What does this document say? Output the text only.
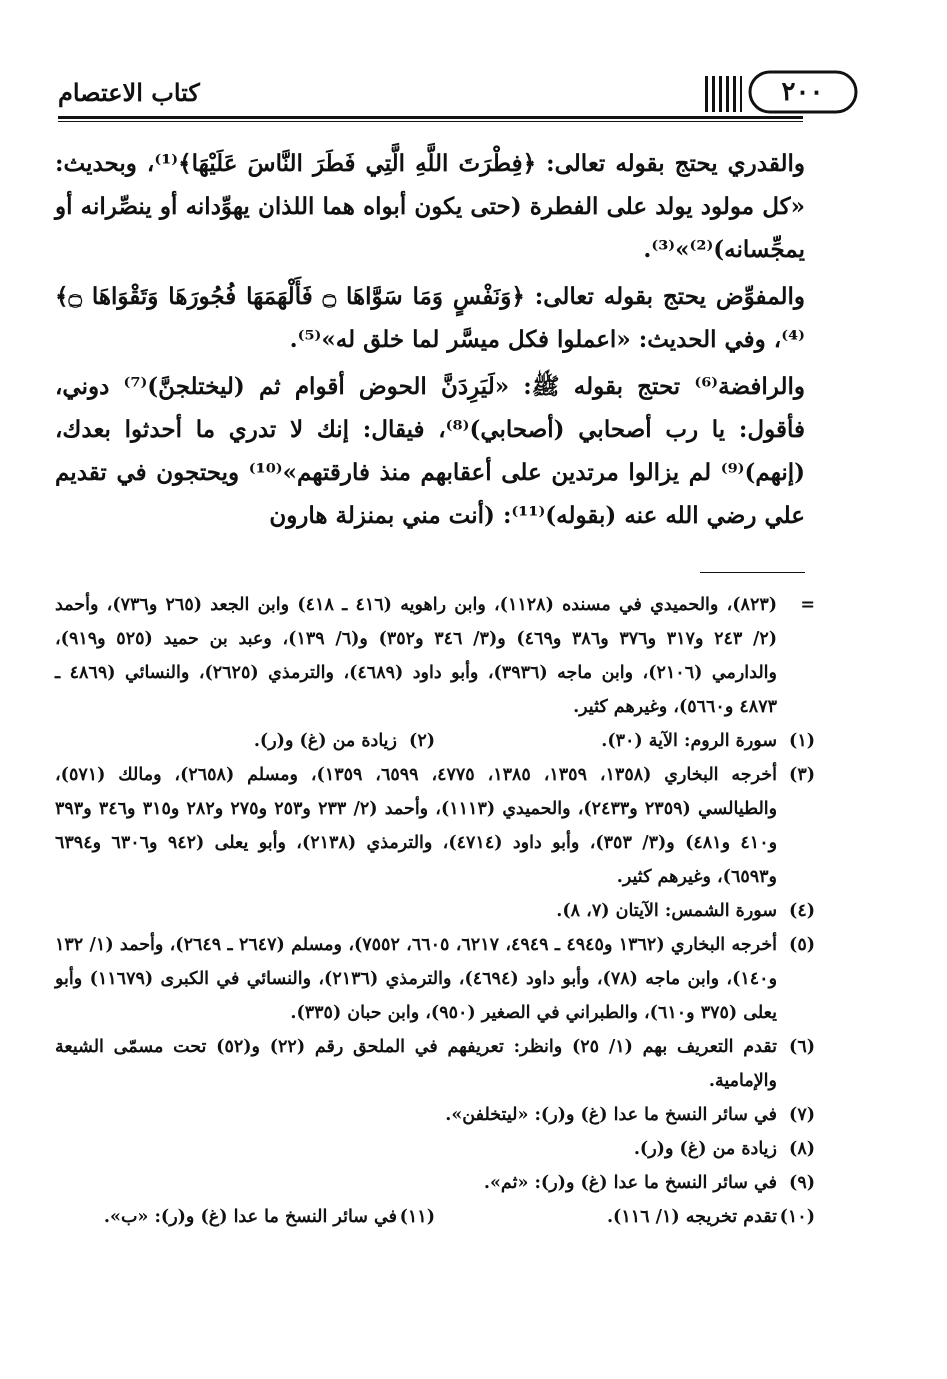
كتاب الاعتصام	٢٠٠

والقدري يحتج بقوله تعالى: ﴿فِطْرَتَ اللَّهِ الَّتِي فَطَرَ النَّاسَ عَلَيْهَا﴾⁽¹⁾، وبحديث: «كل مولود يولد على الفطرة (حتى يكون أبواه هما اللذان يهوِّدانه أو ينصِّرانه أو يمجِّسانه)⁽²⁾»⁽³⁾.

والمفوِّض يحتج بقوله تعالى: ﴿وَنَفْسٍ وَمَا سَوَّاهَا ۝ فَأَلْهَمَهَا فُجُورَهَا وَتَقْوَاهَا ۝﴾⁽⁴⁾، وفي الحديث: «اعملوا فكل ميسَّر لما خلق له»⁽⁵⁾.

والرافضة⁽⁶⁾ تحتج بقوله ﷺ: «لَيَرِدَنَّ الحوض أقوام ثم (ليختلجنَّ)⁽⁷⁾ دوني، فأقول: يا رب أصحابي (أصحابي)⁽⁸⁾، فيقال: إنك لا تدري ما أحدثوا بعدك، (إنهم)⁽⁹⁾ لم يزالوا مرتدين على أعقابهم منذ فارقتهم»⁽¹⁰⁾ ويحتجون في تقديم علي رضي الله عنه (بقوله)⁽¹¹⁾: (أنت مني بمنزلة هارون

=
(٨٢٣)، والحميدي في مسنده (١١٢٨)، وابن راهويه (٤١٦ ـ ٤١٨) وابن الجعد (٢٦٥ و٧٣٦)، وأحمد (٢/ ٢٤٣ و٣١٧ و٣٧٦ و٣٨٦ و٤٦٩) و(٣/ ٣٤٦ و٣٥٢) و(٦/ ١٣٩)، وعبد بن حميد (٥٢٥ و٩١٩)، والدارمي (٢١٠٦)، وابن ماجه (٣٩٣٦)، وأبو داود (٤٦٨٩)، والترمذي (٢٦٢٥)، والنسائي (٤٨٦٩ ـ ٤٨٧٣ و٥٦٦٠)، وغيرهم كثير.
(١)
سورة الروم: الآية (٣٠).
(٢)
زيادة من (غ) و(ر).
(٣)
أخرجه البخاري (١٣٥٨، ١٣٥٩، ١٣٨٥، ٤٧٧٥، ٦٥٩٩، ١٣٥٩)، ومسلم (٢٦٥٨)، ومالك (٥٧١)، والطيالسي (٢٣٥٩ و٢٤٣٣)، والحميدي (١١١٣)، وأحمد (٢/ ٢٣٣ و٢٥٣ و٢٧٥ و٢٨٢ و٣١٥ و٣٤٦ و٣٩٣ و٤١٠ و٤٨١) و(٣/ ٣٥٣)، وأبو داود (٤٧١٤)، والترمذي (٢١٣٨)، وأبو يعلى (٩٤٢ و٦٣٠٦ و٦٣٩٤ و٦٥٩٣)، وغيرهم كثير.
(٤)
سورة الشمس: الآيتان (٧، ٨).
(٥)
أخرجه البخاري (١٣٦٢ و٤٩٤٥ ـ ٤٩٤٩، ٦٢١٧، ٦٦٠٥، ٧٥٥٢)، ومسلم (٢٦٤٧ ـ ٢٦٤٩)، وأحمد (١/ ١٣٢ و١٤٠)، وابن ماجه (٧٨)، وأبو داود (٤٦٩٤)، والترمذي (٢١٣٦)، والنسائي في الكبرى (١١٦٧٩) وأبو يعلى (٣٧٥ و٦١٠)، والطبراني في الصغير (٩٥٠)، وابن حبان (٣٣٥).
(٦)
تقدم التعريف بهم (١/ ٢٥) وانظر: تعريفهم في الملحق رقم (٢٢) و(٥٢) تحت مسمّى الشيعة والإمامية.
(٧)
في سائر النسخ ما عدا (غ) و(ر): «ليتخلفن».
(٨)
زيادة من (غ) و(ر).
(٩)
في سائر النسخ ما عدا (غ) و(ر): «ثم».
(١٠)
تقدم تخريجه (١/ ١١٦).
(١١)
في سائر النسخ ما عدا (غ) و(ر): «ب».
